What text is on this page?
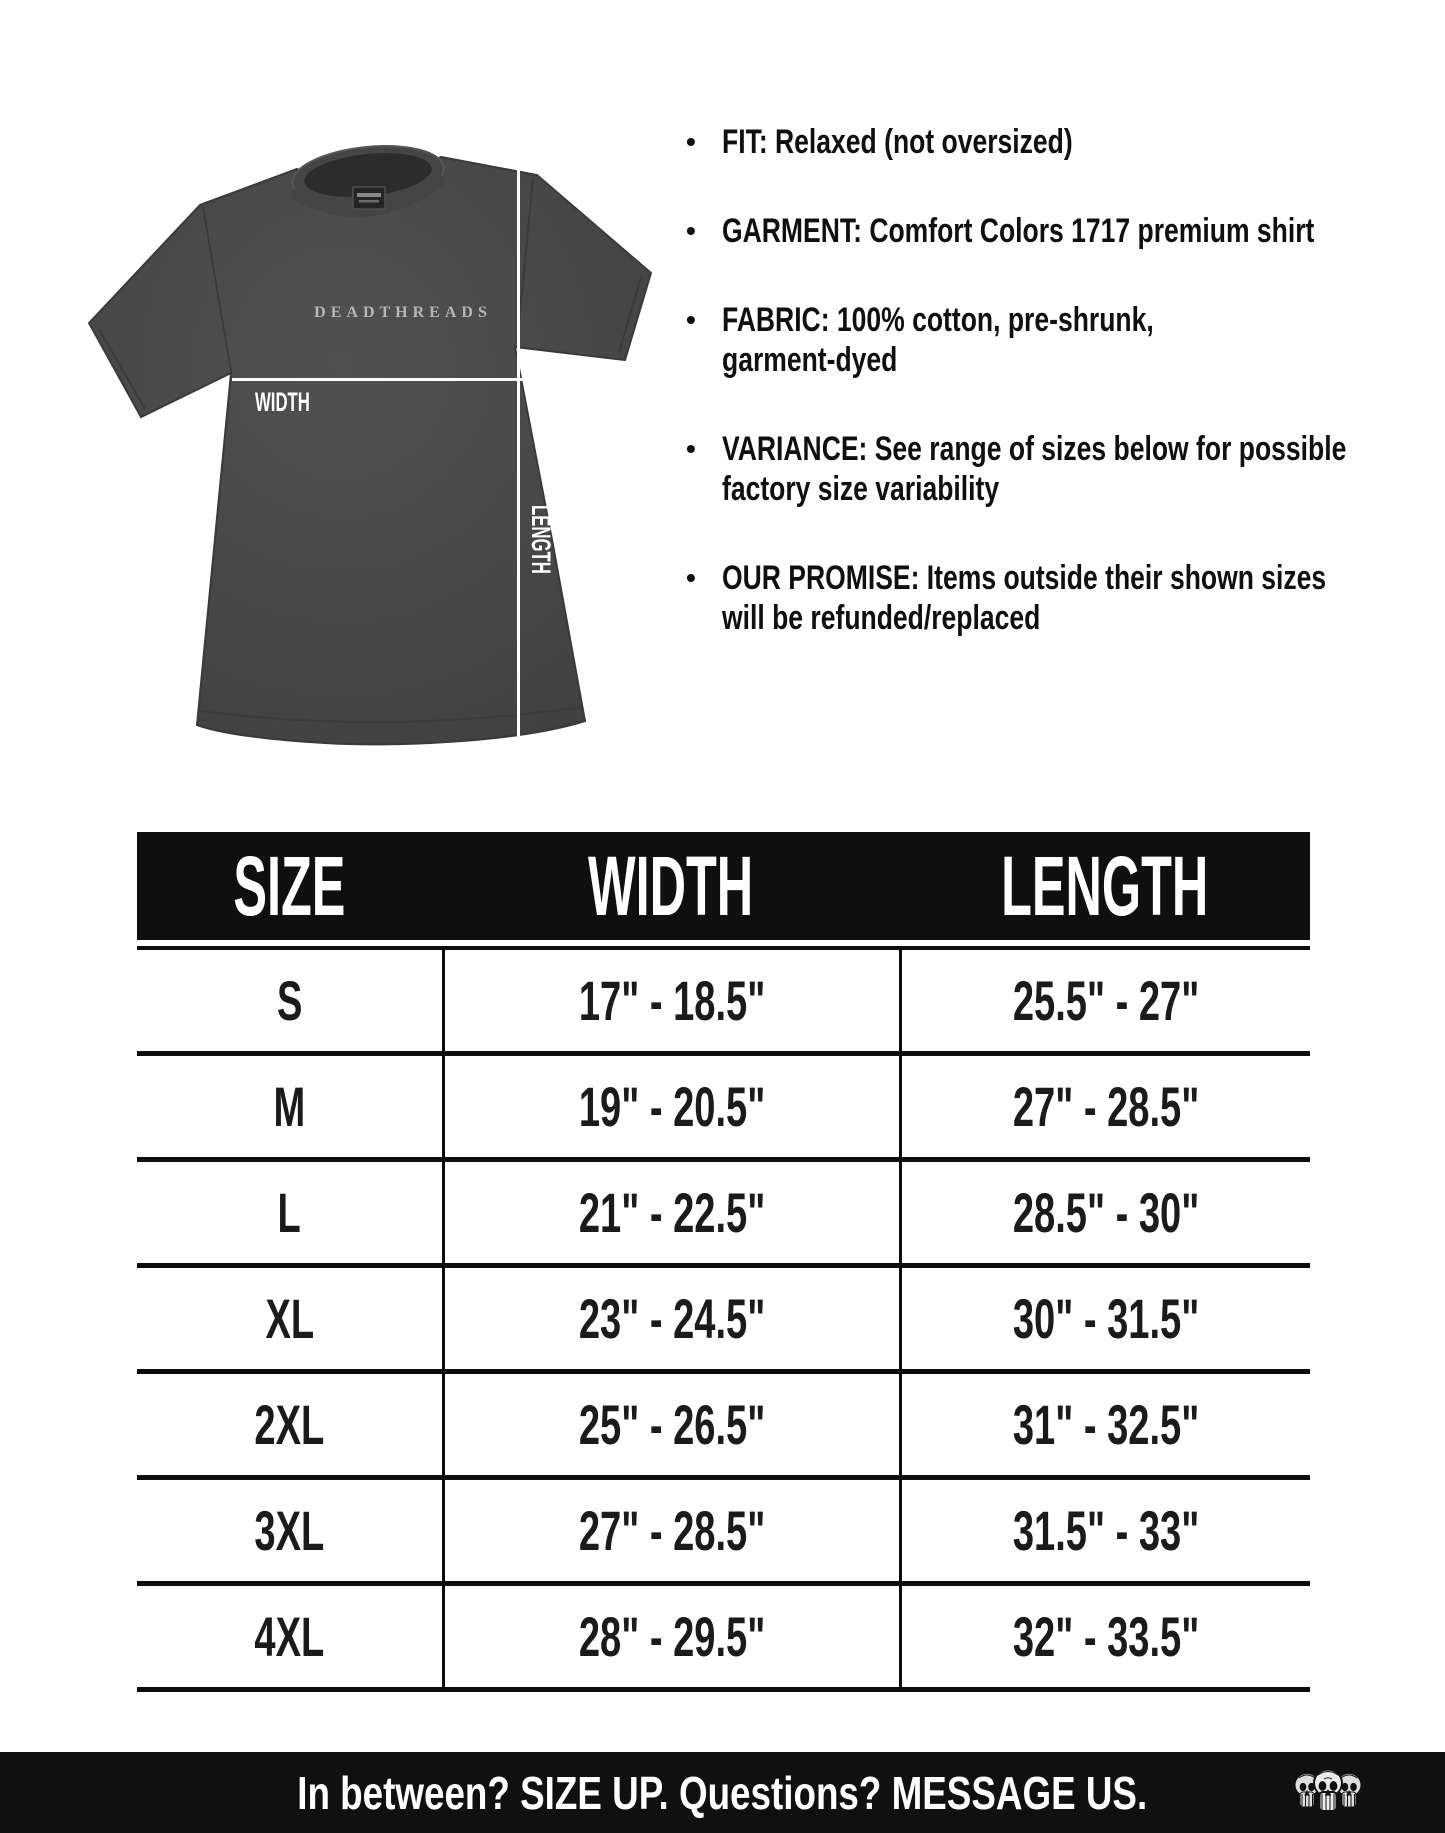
DEADTHREADS
WIDTH
LENGTH
• FIT: Relaxed (not oversized)
• GARMENT: Comfort Colors 1717 premium shirt
• FABRIC: 100% cotton, pre-shrunk,
garment-dyed
• VARIANCE: See range of sizes below for possible
factory size variability
• OUR PROMISE: Items outside their shown sizes
will be refunded/replaced
SIZE	WIDTH	LENGTH
S	17" - 18.5"	25.5" - 27"
M	19" - 20.5"	27" - 28.5"
L	21" - 22.5"	28.5" - 30"
XL	23" - 24.5"	30" - 31.5"
2XL	25" - 26.5"	31" - 32.5"
3XL	27" - 28.5"	31.5" - 33"
4XL	28" - 29.5"	32" - 33.5"
In between? SIZE UP. Questions? MESSAGE US.
